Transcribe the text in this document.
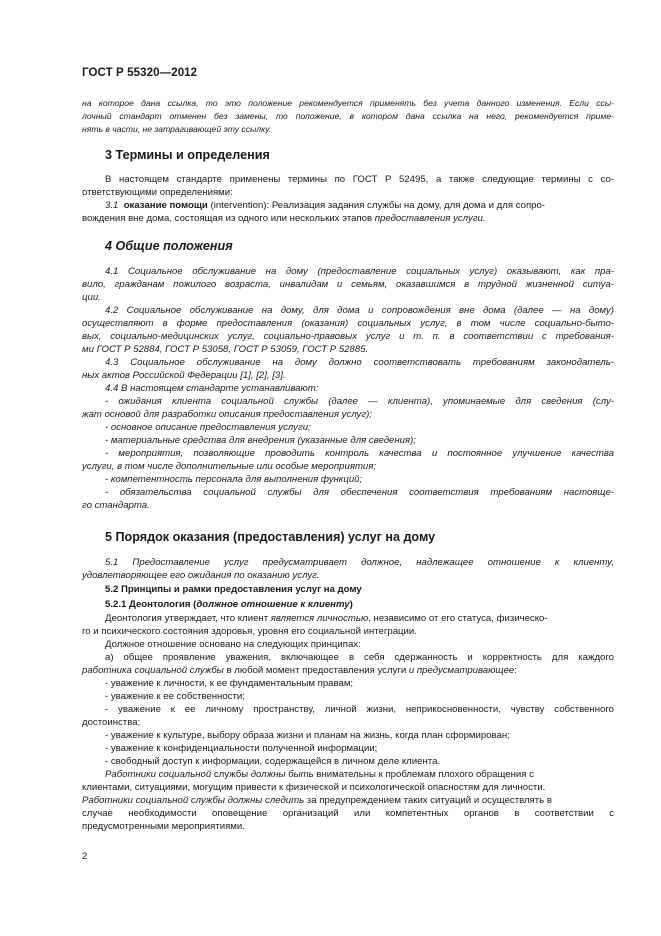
ГОСТ Р 55320—2012
на которое дана ссылка, то это положение рекомендуется применять без учета данного изменения. Если ссы-
лочный стандарт отменен без замены, то положение, в котором дана ссылка на него, рекомендуется приме-
нять в части, не затрагивающей эту ссылку.
3 Термины и определения
В настоящем стандарте применены термины по ГОСТ Р 52495, а также следующие термины с со-
ответствующими определениями:
3.1 оказание помощи (intervention): Реализация задания службы на дому, для дома и для сопро-
вождения вне дома, состоящая из одного или нескольких этапов предоставления услуги.
4 Общие положения
4.1 Социальное обслуживание на дому (предоставление социальных услуг) оказывают, как пра-
вило, гражданам пожилого возраста, инвалидам и семьям, оказавшимся в трудной жизненной ситуа-
ции.
4.2 Социальное обслуживание на дому, для дома и сопровождения вне дома (далее — на дому)
осуществляют в форме предоставления (оказания) социальных услуг, в том числе социально-быто-
вых, социально-медицинских услуг, социально-правовых услуг и т. п. в соответствии с требования-
ми ГОСТ Р 52884, ГОСТ Р 53058, ГОСТ Р 53059, ГОСТ Р 52885.
4.3 Социальное обслуживание на дому должно соответствовать требованиям законодатель-
ных актов Российской Федерации [1], [2], [3].
4.4 В настоящем стандарте устанавливают:
- ожидания клиента социальной службы (далее — клиента), упоминаемые для сведения (слу-
жат основой для разработки описания предоставления услуг);
- основное описание предоставления услуги;
- материальные средства для внедрения (указанные для сведения);
- мероприятия, позволяющие проводить контроль качества и постоянное улучшение качества
услуги, в том числе дополнительные или особые мероприятия;
- компетентность персонала для выполнения функций;
- обязательства социальной службы для обеспечения соответствия требованиям настояще-
го стандарта.
5 Порядок оказания (предоставления) услуг на дому
5.1 Предоставление услуг предусматривает должное, надлежащее отношение к клиенту,
удовлетворяющее его ожидания по оказанию услуг.
5.2 Принципы и рамки предоставления услуг на дому
5.2.1 Деонтология (должное отношение к клиенту)
Деонтология утверждает, что клиент является личностью, независимо от его статуса, физическо-
го и психического состояния здоровья, уровня его социальной интеграции.
Должное отношение основано на следующих принципах:
а) общее проявление уважения, включающее в себя сдержанность и корректность для каждого
работника социальной службы в любой момент предоставления услуги и предусматривающее:
- уважение к личности, к ее фундаментальным правам;
- уважение к ее собственности;
- уважение к ее личному пространству, личной жизни, неприкосновенности, чувству собственного
достоинства;
- уважение к культуре, выбору образа жизни и планам на жизнь, когда план сформирован;
- уважение к конфиденциальности полученной информации;
- свободный доступ к информации, содержащейся в личном деле клиента.
Работники социальной службы должны быть внимательны к проблемам плохого обращения с
клиентами, ситуациями, могущим привести к физической и психологической опасностям для личности.
Работники социальной службы должны следить за предупреждением таких ситуаций и осуществлять в
случае необходимости оповещение организаций или компетентных органов в соответствии с
предусмотренными мероприятиями.
2
